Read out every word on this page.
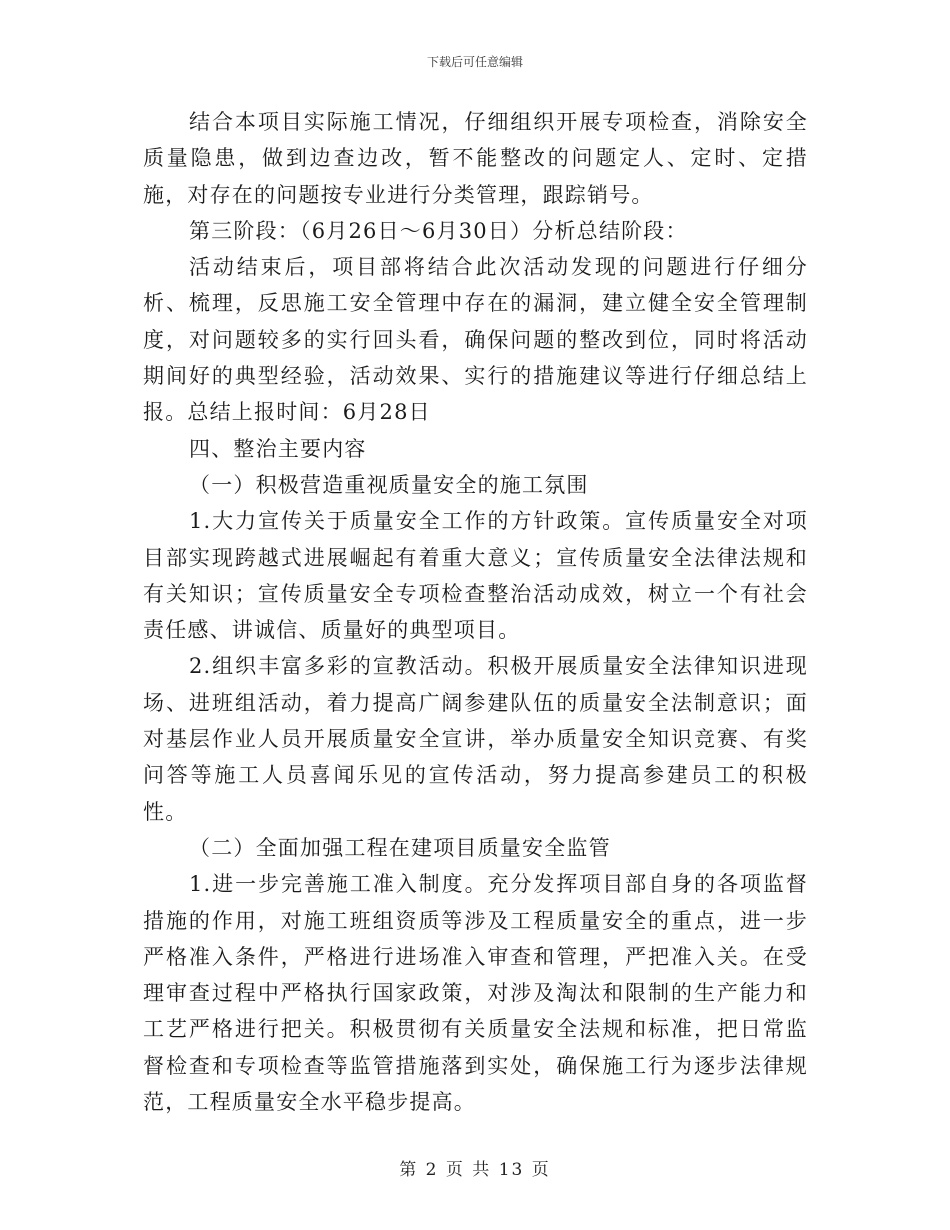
下载后可任意编辑

结合本项目实际施工情况，仔细组织开展专项检查，消除安全质量隐患，做到边查边改，暂不能整改的问题定人、定时、定措施，对存在的问题按专业进行分类管理，跟踪销号。

第三阶段：（6月26日～6月30日）分析总结阶段：

活动结束后，项目部将结合此次活动发现的问题进行仔细分析、梳理，反思施工安全管理中存在的漏洞，建立健全安全管理制度，对问题较多的实行回头看，确保问题的整改到位，同时将活动期间好的典型经验，活动效果、实行的措施建议等进行仔细总结上报。总结上报时间：6月28日

四、整治主要内容

（一）积极营造重视质量安全的施工氛围

1.大力宣传关于质量安全工作的方针政策。宣传质量安全对项目部实现跨越式进展崛起有着重大意义；宣传质量安全法律法规和有关知识；宣传质量安全专项检查整治活动成效，树立一个有社会责任感、讲诚信、质量好的典型项目。

2.组织丰富多彩的宣教活动。积极开展质量安全法律知识进现场、进班组活动，着力提高广阔参建队伍的质量安全法制意识；面对基层作业人员开展质量安全宣讲，举办质量安全知识竞赛、有奖问答等施工人员喜闻乐见的宣传活动，努力提高参建员工的积极性。

（二）全面加强工程在建项目质量安全监管

1.进一步完善施工准入制度。充分发挥项目部自身的各项监督措施的作用，对施工班组资质等涉及工程质量安全的重点，进一步严格准入条件，严格进行进场准入审查和管理，严把准入关。在受理审查过程中严格执行国家政策，对涉及淘汰和限制的生产能力和工艺严格进行把关。积极贯彻有关质量安全法规和标准，把日常监督检查和专项检查等监管措施落到实处，确保施工行为逐步法律规范，工程质量安全水平稳步提高。

第 2 页 共 13 页
